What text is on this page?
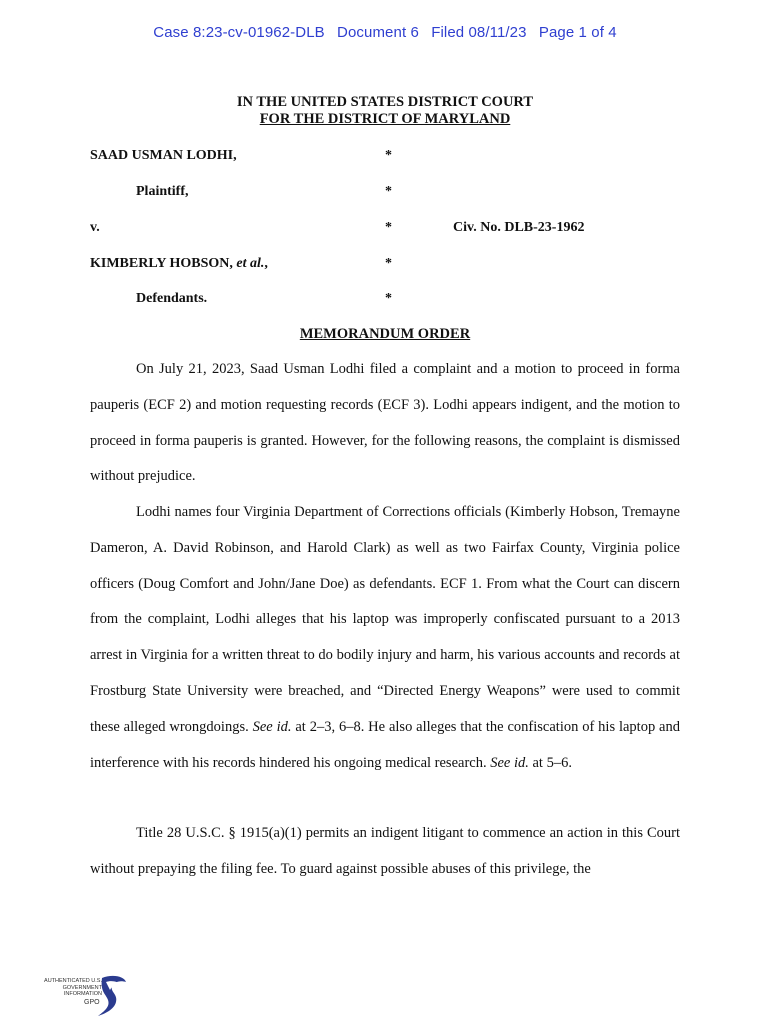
Case 8:23-cv-01962-DLB Document 6 Filed 08/11/23 Page 1 of 4
IN THE UNITED STATES DISTRICT COURT
FOR THE DISTRICT OF MARYLAND
SAAD USMAN LODHI,	*
Plaintiff,	*
v.	*	Civ. No. DLB-23-1962
KIMBERLY HOBSON, et al.,	*
Defendants.	*
MEMORANDUM ORDER

On July 21, 2023, Saad Usman Lodhi filed a complaint and a motion to proceed in forma pauperis (ECF 2) and motion requesting records (ECF 3). Lodhi appears indigent, and the motion to proceed in forma pauperis is granted. However, for the following reasons, the complaint is dismissed without prejudice.

Lodhi names four Virginia Department of Corrections officials (Kimberly Hobson, Tremayne Dameron, A. David Robinson, and Harold Clark) as well as two Fairfax County, Virginia police officers (Doug Comfort and John/Jane Doe) as defendants. ECF 1. From what the Court can discern from the complaint, Lodhi alleges that his laptop was improperly confiscated pursuant to a 2013 arrest in Virginia for a written threat to do bodily injury and harm, his various accounts and records at Frostburg State University were breached, and “Directed Energy Weapons” were used to commit these alleged wrongdoings. See id. at 2–3, 6–8. He also alleges that the confiscation of his laptop and interference with his records hindered his ongoing medical research. See id. at 5–6.

Title 28 U.S.C. § 1915(a)(1) permits an indigent litigant to commence an action in this Court without prepaying the filing fee. To guard against possible abuses of this privilege, the

AUTHENTICATED U.S. GOVERNMENT INFORMATION
GPO
